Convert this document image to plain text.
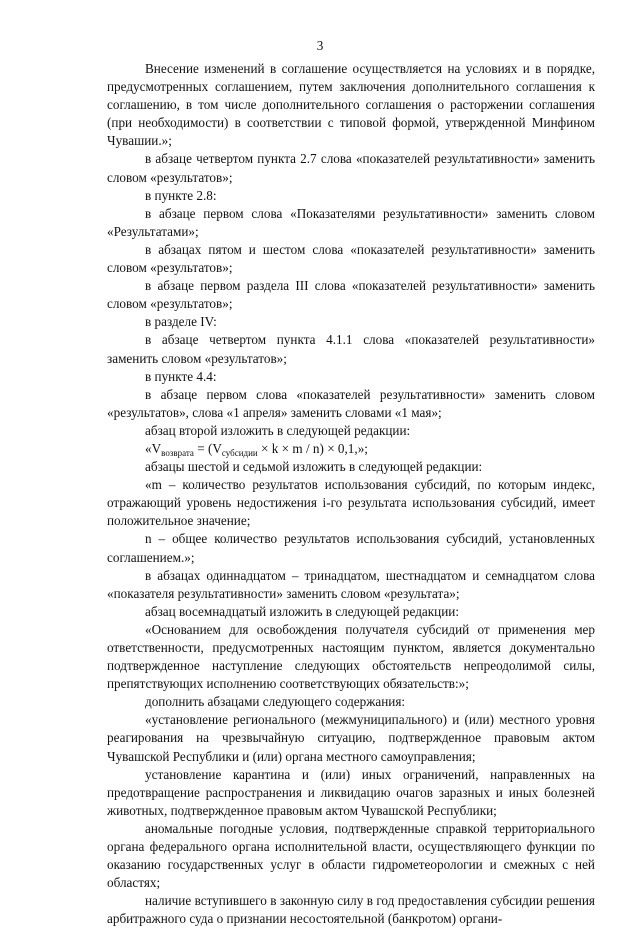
3

Внесение изменений в соглашение осуществляется на условиях и в порядке, предусмотренных соглашением, путем заключения дополнительного соглашения к соглашению, в том числе дополнительного соглашения о расторжении соглашения (при необходимости) в соответствии с типовой формой, утвержденной Минфином Чувашии.»;

в абзаце четвертом пункта 2.7 слова «показателей результативности» заменить словом «результатов»;

в пункте 2.8:

в абзаце первом слова «Показателями результативности» заменить словом «Результатами»;

в абзацах пятом и шестом слова «показателей результативности» заменить словом «результатов»;

в абзаце первом раздела III слова «показателей результативности» заменить словом «результатов»;

в разделе IV:

в абзаце четвертом пункта 4.1.1 слова «показателей результативности» заменить словом «результатов»;

в пункте 4.4:

в абзаце первом слова «показателей результативности» заменить словом «результатов», слова «1 апреля» заменить словами «1 мая»;

абзац второй изложить в следующей редакции:

«$V_{возврата} = (V_{субсидии} \times k \times m / n) \times 0,1$,»;

абзацы шестой и седьмой изложить в следующей редакции:

«m – количество результатов использования субсидий, по которым индекс, отражающий уровень недостижения i-го результата использования субсидий, имеет положительное значение;

n – общее количество результатов использования субсидий, установленных соглашением.»;

в абзацах одиннадцатом – тринадцатом, шестнадцатом и семнадцатом слова «показателя результативности» заменить словом «результата»;

абзац восемнадцатый изложить в следующей редакции:

«Основанием для освобождения получателя субсидий от применения мер ответственности, предусмотренных настоящим пунктом, является документально подтвержденное наступление следующих обстоятельств непреодолимой силы, препятствующих исполнению соответствующих обязательств:»;

дополнить абзацами следующего содержания:

«установление регионального (межмуниципального) и (или) местного уровня реагирования на чрезвычайную ситуацию, подтвержденное правовым актом Чувашской Республики и (или) органа местного самоуправления;

установление карантина и (или) иных ограничений, направленных на предотвращение распространения и ликвидацию очагов заразных и иных болезней животных, подтвержденное правовым актом Чувашской Республики;

аномальные погодные условия, подтвержденные справкой территориального органа федерального органа исполнительной власти, осуществляющего функции по оказанию государственных услуг в области гидрометеорологии и смежных с ней областях;

наличие вступившего в законную силу в год предоставления субсидии решения арбитражного суда о признании несостоятельной (банкротом) органи-
